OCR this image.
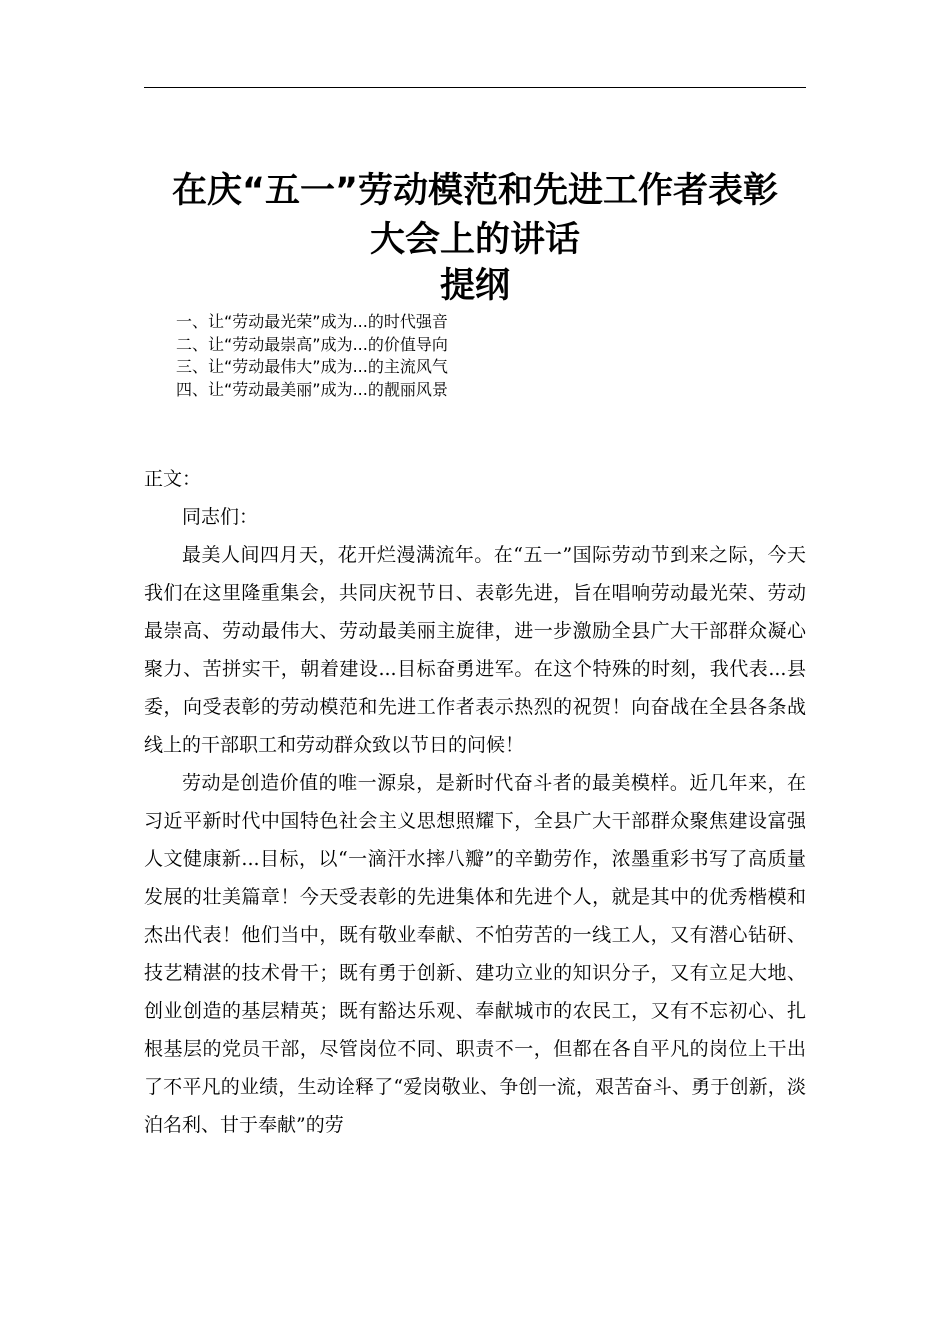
在庆“五一”劳动模范和先进工作者表彰
大会上的讲话
提纲
一、让“劳动最光荣”成为...的时代强音
二、让“劳动最崇高”成为...的价值导向
三、让“劳动最伟大”成为...的主流风气
四、让“劳动最美丽”成为...的靓丽风景

正文：

同志们：

最美人间四月天，花开烂漫满流年。在“五一”国际劳动节到来之际，今天我们在这里隆重集会，共同庆祝节日、表彰先进，旨在唱响劳动最光荣、劳动最崇高、劳动最伟大、劳动最美丽主旋律，进一步激励全县广大干部群众凝心聚力、苦拼实干，朝着建设...目标奋勇进军。在这个特殊的时刻，我代表...县委，向受表彰的劳动模范和先进工作者表示热烈的祝贺！向奋战在全县各条战线上的干部职工和劳动群众致以节日的问候！

劳动是创造价值的唯一源泉，是新时代奋斗者的最美模样。近几年来，在习近平新时代中国特色社会主义思想照耀下，全县广大干部群众聚焦建设富强人文健康新...目标，以“一滴汗水摔八瓣”的辛勤劳作，浓墨重彩书写了高质量发展的壮美篇章！今天受表彰的先进集体和先进个人，就是其中的优秀楷模和杰出代表！他们当中，既有敬业奉献、不怕劳苦的一线工人，又有潜心钻研、技艺精湛的技术骨干；既有勇于创新、建功立业的知识分子，又有立足大地、创业创造的基层精英；既有豁达乐观、奉献城市的农民工，又有不忘初心、扎根基层的党员干部，尽管岗位不同、职责不一，但都在各自平凡的岗位上干出了不平凡的业绩，生动诠释了“爱岗敬业、争创一流，艰苦奋斗、勇于创新，淡泊名利、甘于奉献”的劳
